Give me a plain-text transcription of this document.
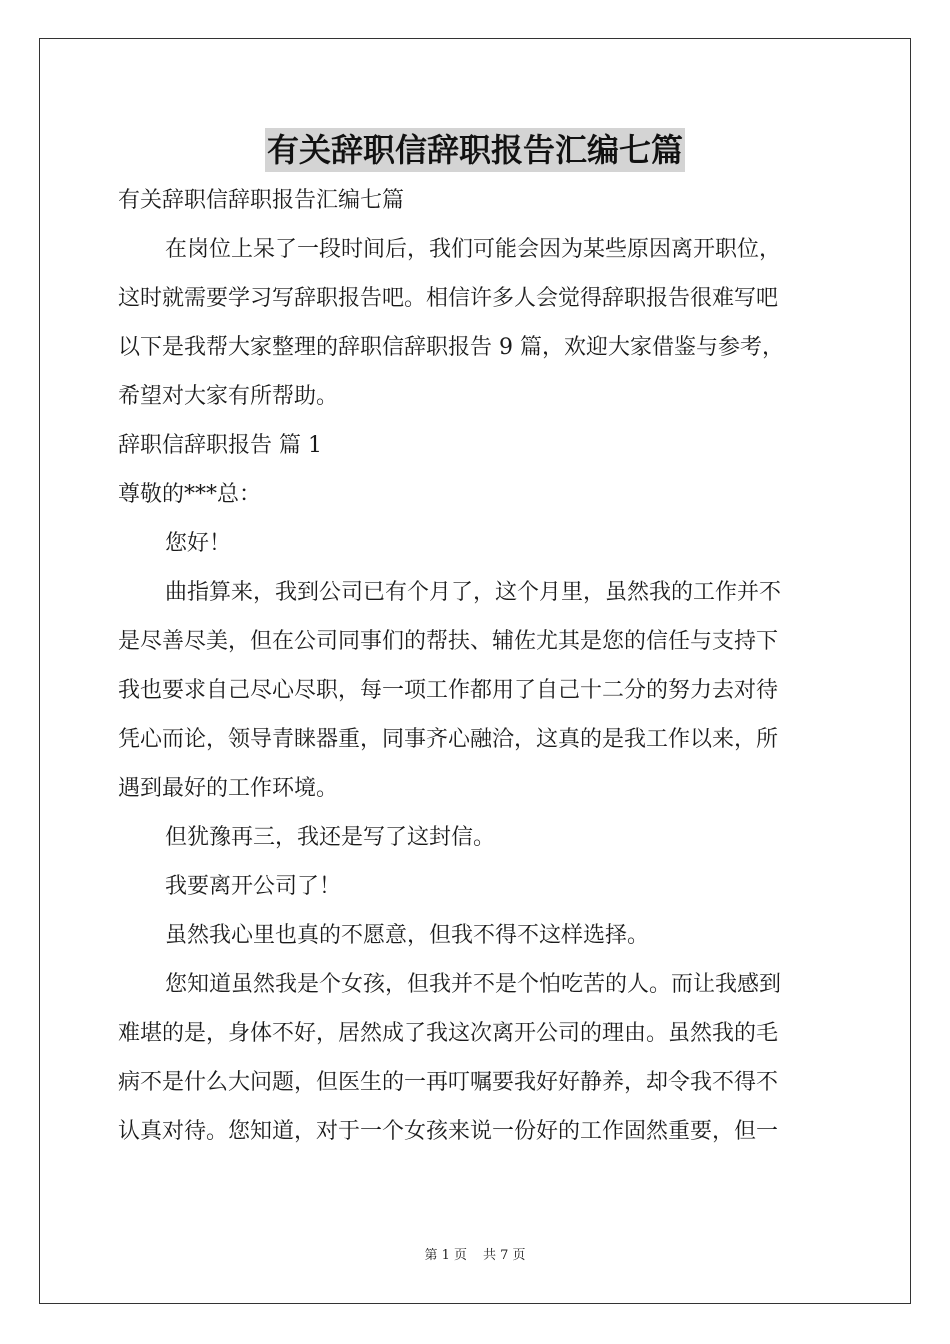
有关辞职信辞职报告汇编七篇
有关辞职信辞职报告汇编七篇
在岗位上呆了一段时间后，我们可能会因为某些原因离开职位，
这时就需要学习写辞职报告吧。相信许多人会觉得辞职报告很难写吧
以下是我帮大家整理的辞职信辞职报告 9 篇，欢迎大家借鉴与参考，
希望对大家有所帮助。
辞职信辞职报告 篇 1
尊敬的***总：
您好！
曲指算来，我到公司已有个月了，这个月里，虽然我的工作并不
是尽善尽美，但在公司同事们的帮扶、辅佐尤其是您的信任与支持下
我也要求自己尽心尽职，每一项工作都用了自己十二分的努力去对待
凭心而论，领导青睐器重，同事齐心融洽，这真的是我工作以来，所
遇到最好的工作环境。
但犹豫再三，我还是写了这封信。
我要离开公司了！
虽然我心里也真的不愿意，但我不得不这样选择。
您知道虽然我是个女孩，但我并不是个怕吃苦的人。而让我感到
难堪的是，身体不好，居然成了我这次离开公司的理由。虽然我的毛
病不是什么大问题，但医生的一再叮嘱要我好好静养，却令我不得不
认真对待。您知道，对于一个女孩来说一份好的工作固然重要，但一
第 1 页 共 7 页
